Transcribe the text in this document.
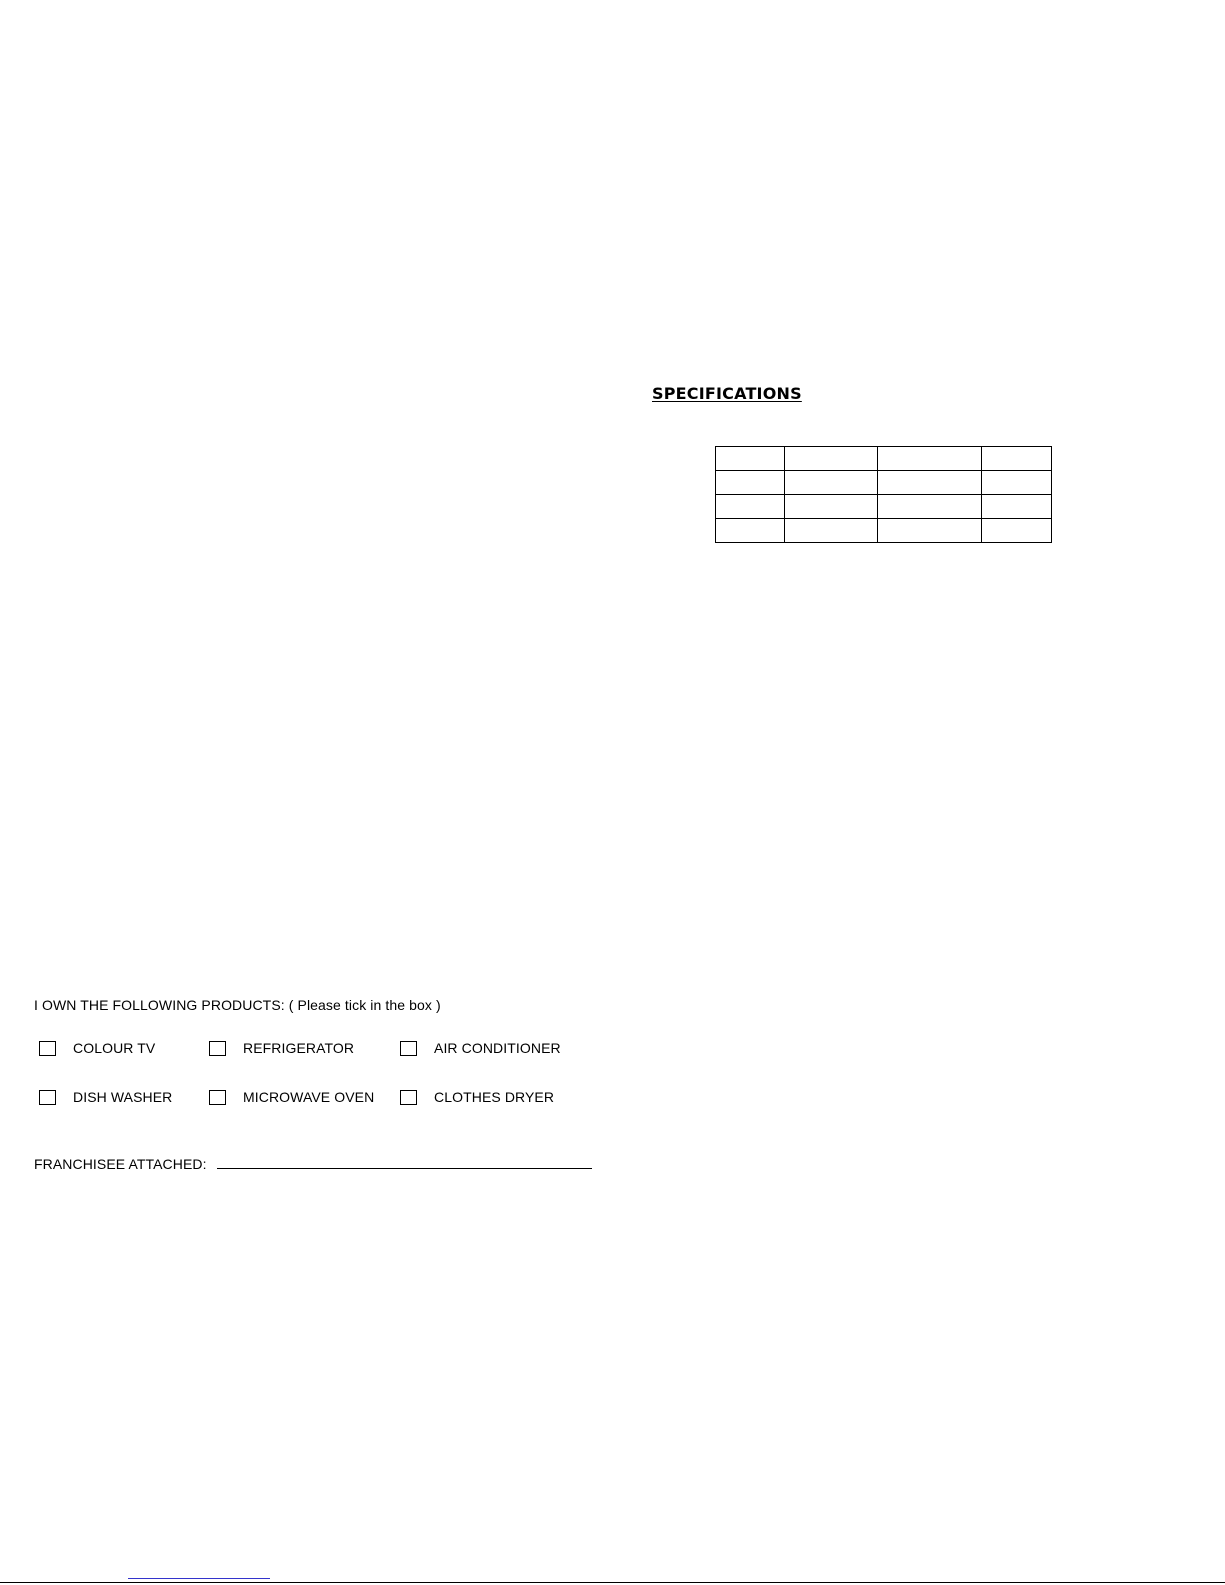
SPECIFICATIONS

I OWN THE FOLLOWING PRODUCTS: ( Please tick in the box )
COLOUR TV	REFRIGERATOR	AIR CONDITIONER
DISH WASHER	MICROWAVE OVEN	CLOTHES DRYER
FRANCHISEE ATTACHED:
